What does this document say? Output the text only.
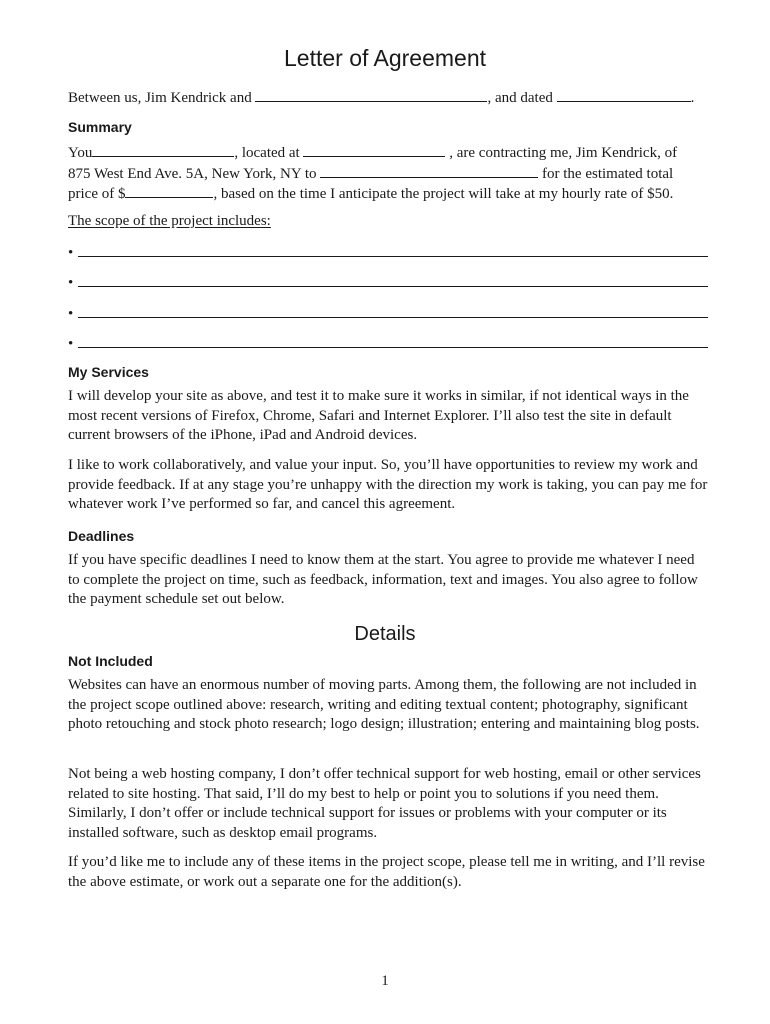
Letter of Agreement
Between us, Jim Kendrick and	, and dated	.
Summary
You	, located at	, are contracting me, Jim Kendrick, of
875 West End Ave. 5A, New York, NY to	for the estimated total
price of $	, based on the time I anticipate the project will take at my hourly rate of $50.
The scope of the project includes:
•
•
•
•
My Services

I will develop your site as above, and test it to make sure it works in similar, if not identical ways in the most recent versions of Firefox, Chrome, Safari and Internet Explorer. I’ll also test the site in default current browsers of the iPhone, iPad and Android devices.

I like to work collaboratively, and value your input. So, you’ll have opportunities to review my work and provide feedback. If at any stage you’re unhappy with the direction my work is taking, you can pay me for whatever work I’ve performed so far, and cancel this agreement.

Deadlines

If you have specific deadlines I need to know them at the start. You agree to provide me whatever I need to complete the project on time, such as feedback, information, text and images. You also agree to follow the payment schedule set out below.

Details
Not Included

Websites can have an enormous number of moving parts. Among them, the following are not included in the project scope outlined above: research, writing and editing textual content; photography, significant photo retouching and stock photo research; logo design; illustration; entering and maintaining blog posts.

Not being a web hosting company, I don’t offer technical support for web hosting, email or other services related to site hosting. That said, I’ll do my best to help or point you to solutions if you need them. Similarly, I don’t offer or include technical support for issues or problems with your computer or its installed software, such as desktop email programs.

If you’d like me to include any of these items in the project scope, please tell me in writing, and I’ll revise the above estimate, or work out a separate one for the addition(s).

1
